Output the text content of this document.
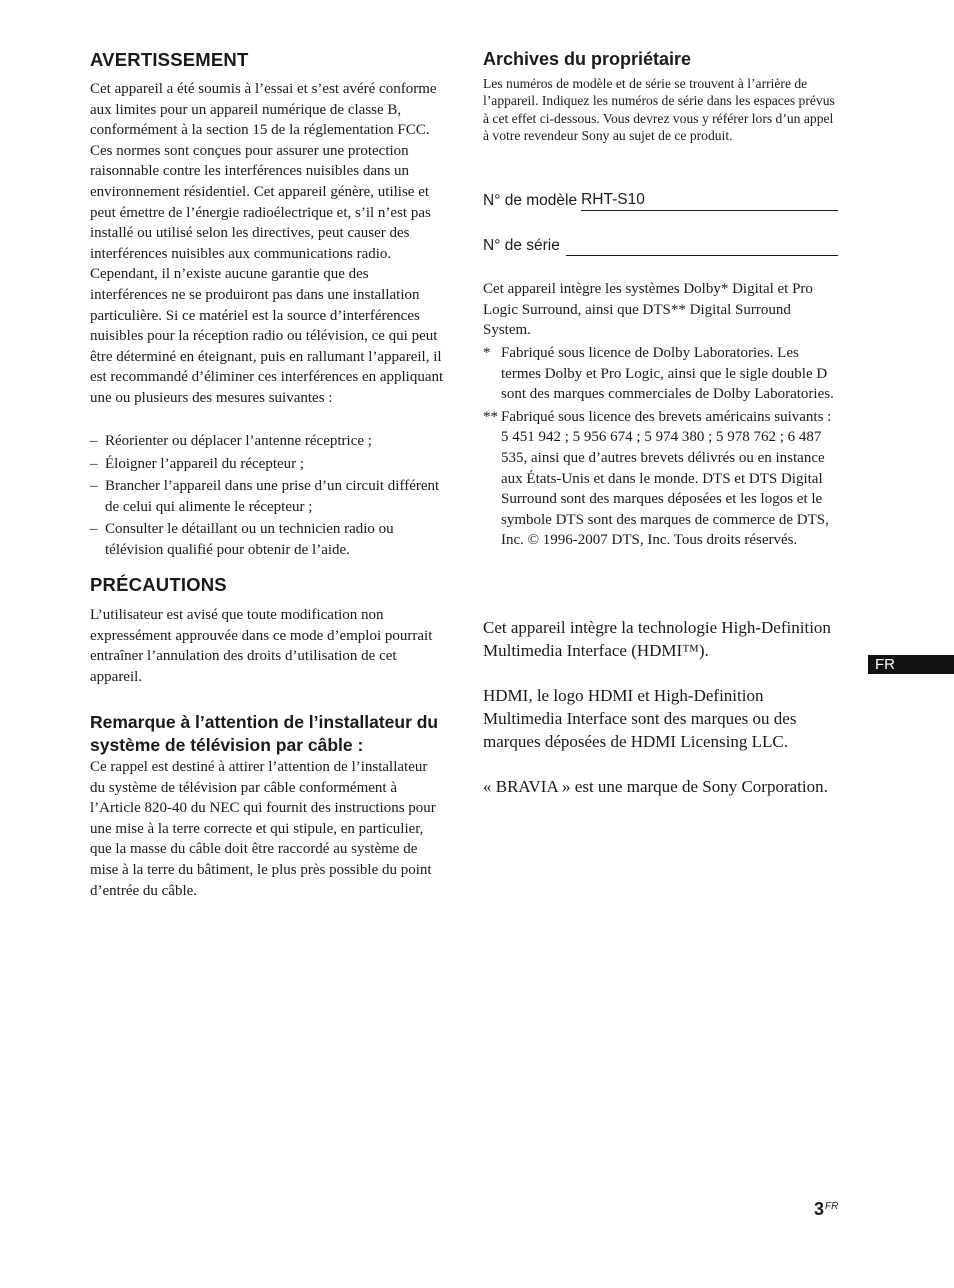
AVERTISSEMENT

Cet appareil a été soumis à l’essai et s’est avéré conforme aux limites pour un appareil numérique de classe B, conformément à la section 15 de la réglementation FCC. Ces normes sont conçues pour assurer une protection raisonnable contre les interférences nuisibles dans un environnement résidentiel. Cet appareil génère, utilise et peut émettre de l’énergie radioélectrique et, s’il n’est pas installé ou utilisé selon les directives, peut causer des interférences nuisibles aux communications radio. Cependant, il n’existe aucune garantie que des interférences ne se produiront pas dans une installation particulière. Si ce matériel est la source d’interférences nuisibles pour la réception radio ou télévision, ce qui peut être déterminé en éteignant, puis en rallumant l’appareil, il est recommandé d’éliminer ces interférences en appliquant une ou plusieurs des mesures suivantes :

– Réorienter ou déplacer l’antenne réceptrice ;
– Éloigner l’appareil du récepteur ;
– Brancher l’appareil dans une prise d’un circuit différent de celui qui alimente le récepteur ;
– Consulter le détaillant ou un technicien radio ou télévision qualifié pour obtenir de l’aide.
PRÉCAUTIONS

L’utilisateur est avisé que toute modification non expressément approuvée dans ce mode d’emploi pourrait entraîner l’annulation des droits d’utilisation de cet appareil.

Remarque à l’attention de l’installateur du système de télévision par câble :

Ce rappel est destiné à attirer l’attention de l’installateur du système de télévision par câble conformément à l’Article 820-40 du NEC qui fournit des instructions pour une mise à la terre correcte et qui stipule, en particulier, que la masse du câble doit être raccordé au système de mise à la terre du bâtiment, le plus près possible du point d’entrée du câble.

Archives du propriétaire

Les numéros de modèle et de série se trouvent à l’arrière de l’appareil. Indiquez les numéros de série dans les espaces prévus à cet effet ci-dessous. Vous devrez vous y référer lors d’un appel à votre revendeur Sony au sujet de ce produit.

N° de modèle RHT-S10
N° de série

Cet appareil intègre les systèmes Dolby* Digital et Pro Logic Surround, ainsi que DTS** Digital Surround System.

* Fabriqué sous licence de Dolby Laboratories. Les termes Dolby et Pro Logic, ainsi que le sigle double D sont des marques commerciales de Dolby Laboratories.
** Fabriqué sous licence des brevets américains suivants : 5 451 942 ; 5 956 674 ; 5 974 380 ; 5 978 762 ; 6 487 535, ainsi que d’autres brevets délivrés ou en instance aux États-Unis et dans le monde. DTS et DTS Digital Surround sont des marques déposées et les logos et le symbole DTS sont des marques de commerce de DTS, Inc. © 1996-2007 DTS, Inc. Tous droits réservés.

Cet appareil intègre la technologie High-Definition Multimedia Interface (HDMI™).

HDMI, le logo HDMI et High-Definition Multimedia Interface sont des marques ou des marques déposées de HDMI Licensing LLC.

« BRAVIA » est une marque de Sony Corporation.

FR
$3^{FR}$
